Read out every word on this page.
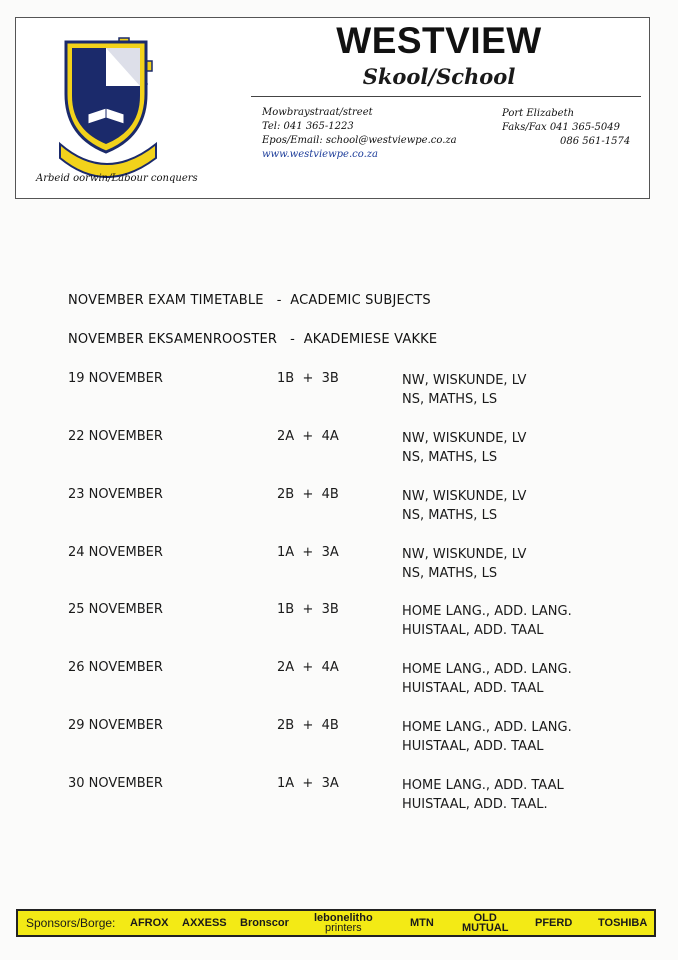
Arbeid oorwin/Labour conquers
WESTVIEW
Skool/School
Mowbraystraat/street
Tel: 041 365-1223
Epos/Email: school@westviewpe.co.za
www.westviewpe.co.za
Port Elizabeth
Faks/Fax 041 365-5049
086 561-1574
NOVEMBER EXAM TIMETABLE   -  ACADEMIC SUBJECTS
NOVEMBER EKSAMENROOSTER   -  AKADEMIESE VAKKE
19 NOVEMBER	1B  +  3B	NW, WISKUNDE, LV
NS, MATHS, LS
22 NOVEMBER	2A  +  4A	NW, WISKUNDE, LV
NS, MATHS, LS
23 NOVEMBER	2B  +  4B	NW, WISKUNDE, LV
NS, MATHS, LS
24 NOVEMBER	1A  +  3A	NW, WISKUNDE, LV
NS, MATHS, LS
25 NOVEMBER	1B  +  3B	HOME LANG., ADD. LANG.
HUISTAAL, ADD. TAAL
26 NOVEMBER	2A  +  4A	HOME LANG., ADD. LANG.
HUISTAAL, ADD. TAAL
29 NOVEMBER	2B  +  4B	HOME LANG., ADD. LANG.
HUISTAAL, ADD. TAAL
30 NOVEMBER	1A  +  3A	HOME LANG., ADD. TAAL
HUISTAAL, ADD. TAAL.
Sponsors/Borge: AFROX AXXESS Bronscor lebonelitho
printers	MTN	OLD
MUTUAL PFERD TOSHIBA
